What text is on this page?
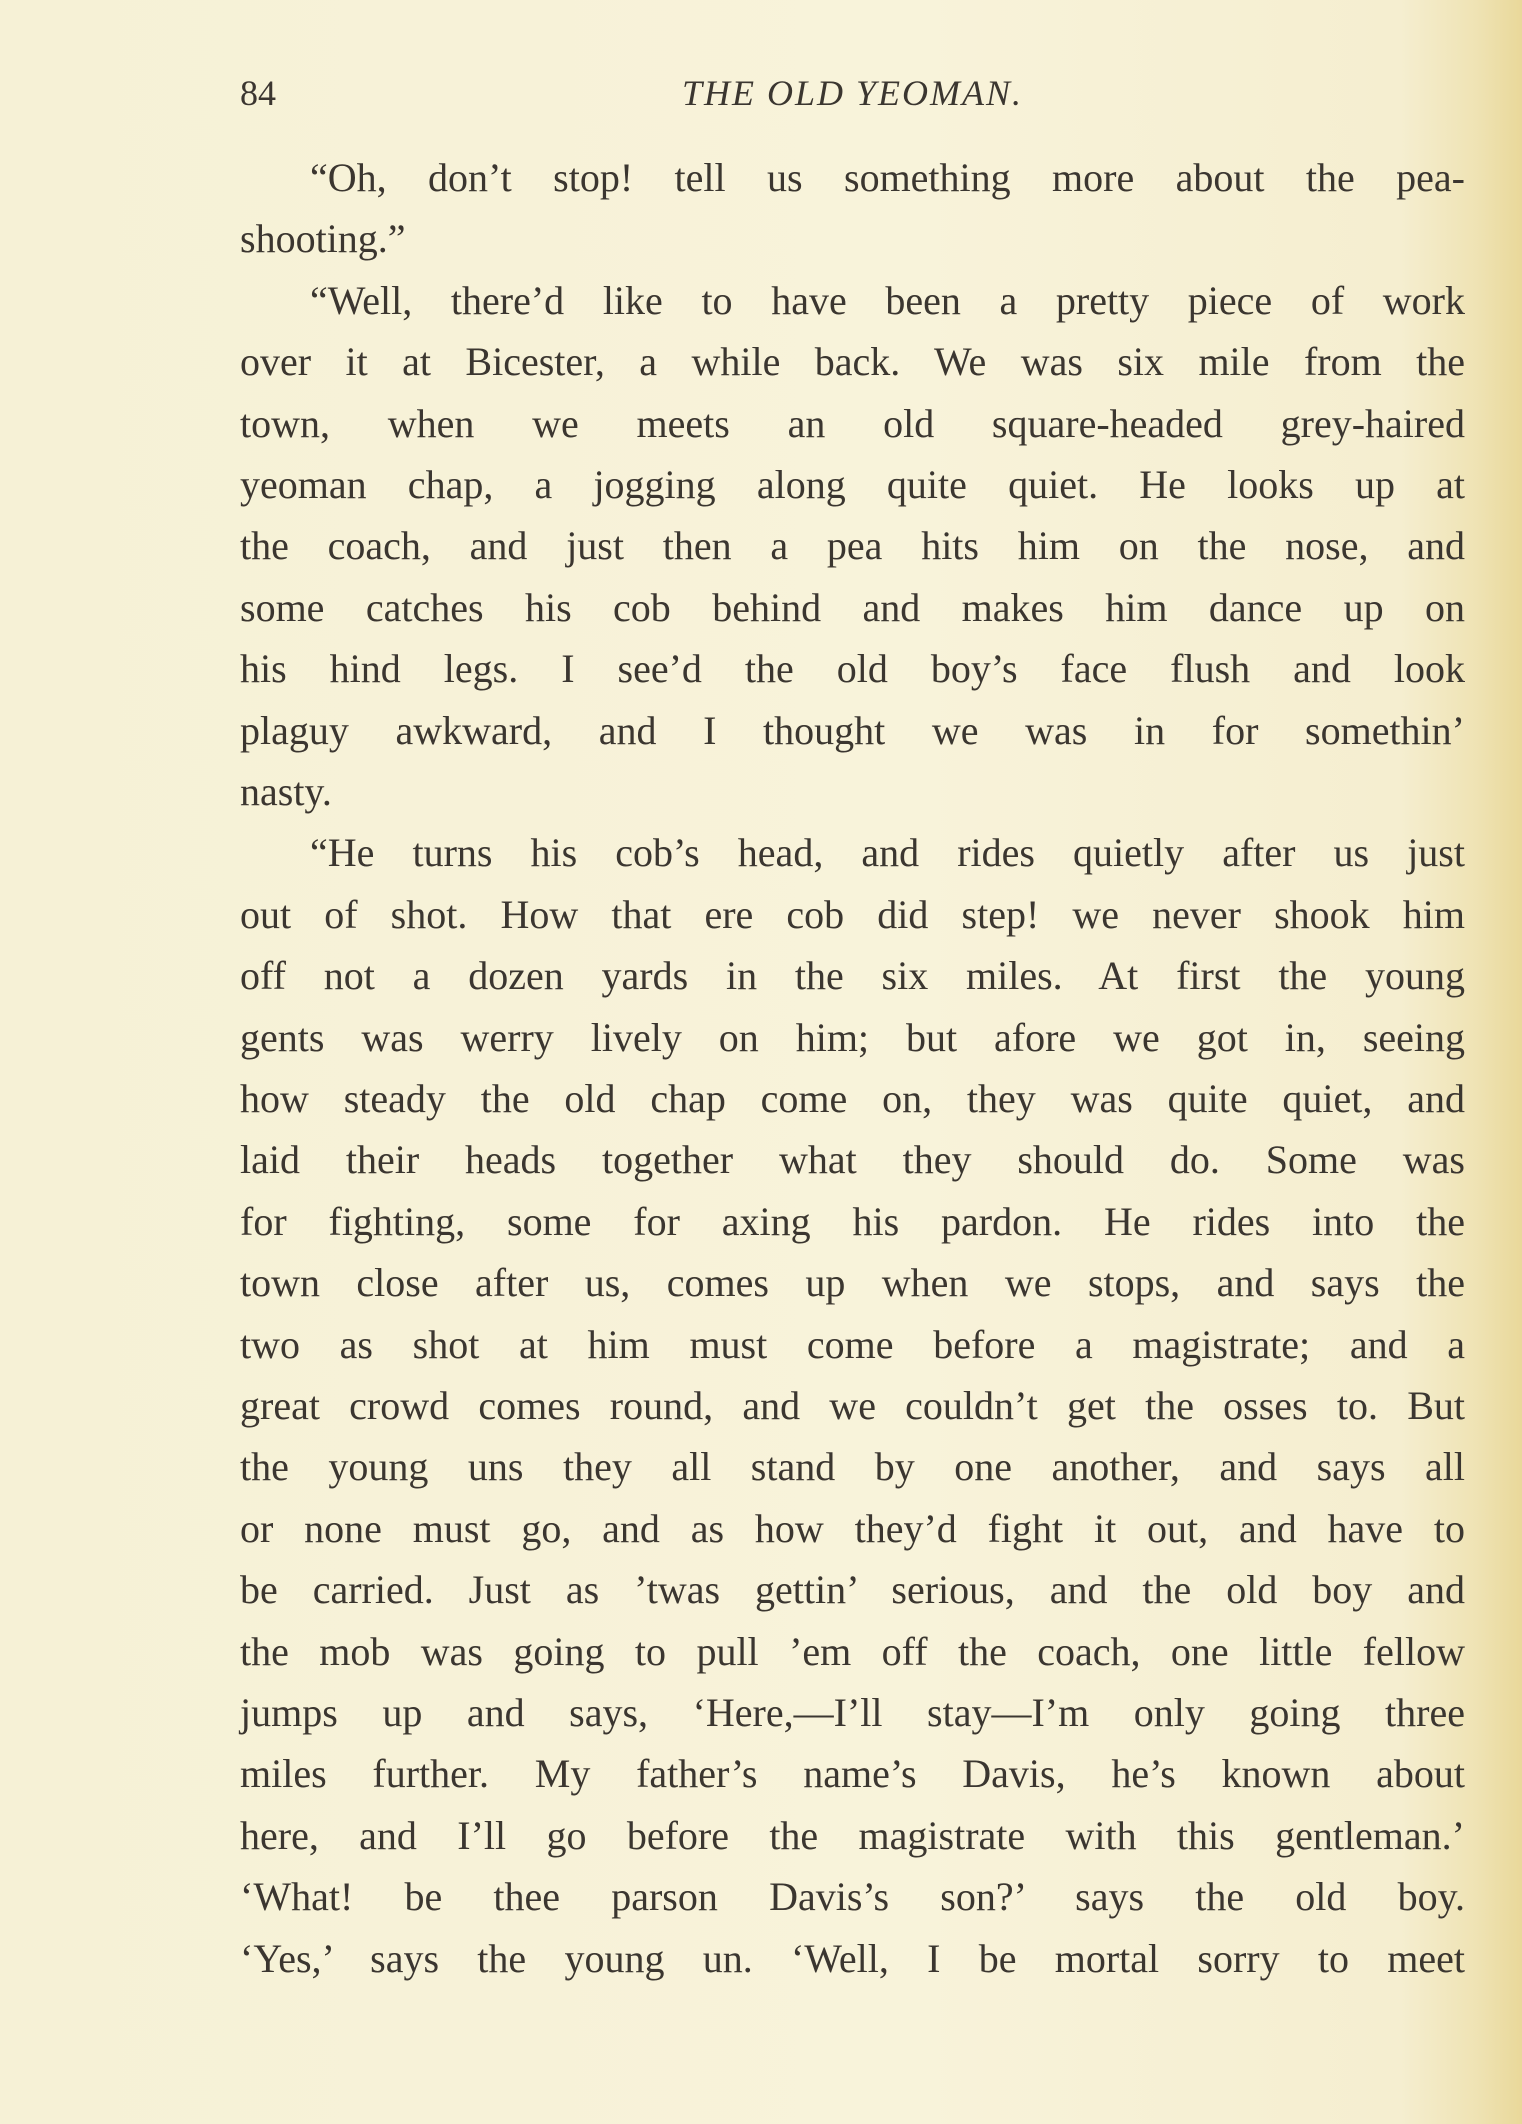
84	THE OLD YEOMAN.
“Oh, don’t stop! tell us something more about the pea-
shooting.”
“Well, there’d like to have been a pretty piece of work
over it at Bicester, a while back. We was six mile from the
town, when we meets an old square-headed grey-haired
yeoman chap, a jogging along quite quiet. He looks up at
the coach, and just then a pea hits him on the nose, and
some catches his cob behind and makes him dance up on
his hind legs. I see’d the old boy’s face flush and look
plaguy awkward, and I thought we was in for somethin’
nasty.
“He turns his cob’s head, and rides quietly after us just
out of shot. How that ere cob did step! we never shook him
off not a dozen yards in the six miles. At first the young
gents was werry lively on him; but afore we got in, seeing
how steady the old chap come on, they was quite quiet, and
laid their heads together what they should do. Some was
for fighting, some for axing his pardon. He rides into the
town close after us, comes up when we stops, and says the
two as shot at him must come before a magistrate; and a
great crowd comes round, and we couldn’t get the osses to. But
the young uns they all stand by one another, and says all
or none must go, and as how they’d fight it out, and have to
be carried. Just as ’twas gettin’ serious, and the old boy and
the mob was going to pull ’em off the coach, one little fellow
jumps up and says, ‘Here,—I’ll stay—I’m only going three
miles further. My father’s name’s Davis, he’s known about
here, and I’ll go before the magistrate with this gentleman.’
‘What! be thee parson Davis’s son?’ says the old boy.
‘Yes,’ says the young un. ‘Well, I be mortal sorry to meet
